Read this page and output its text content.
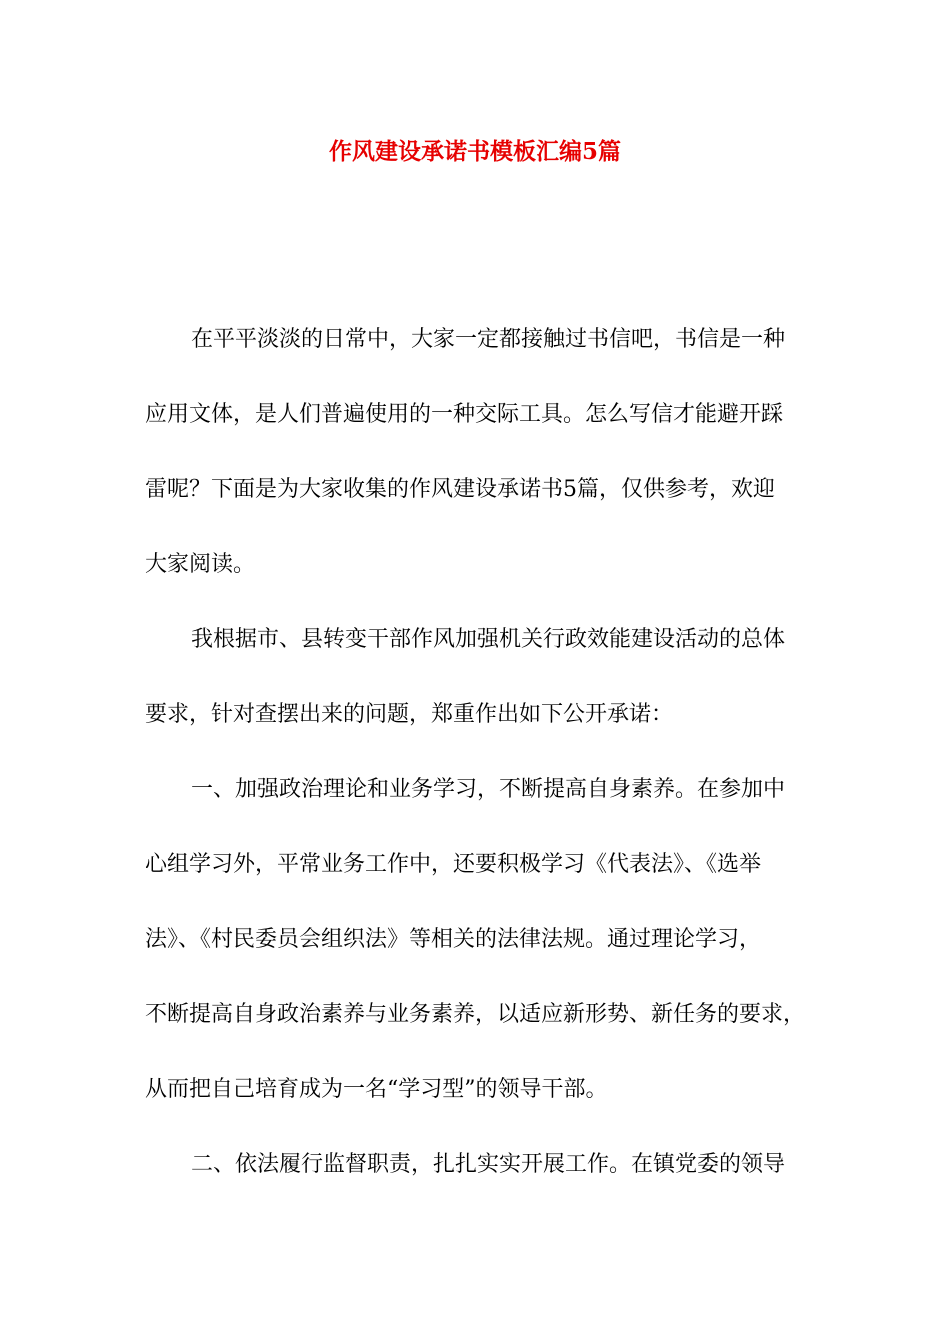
作风建设承诺书模板汇编5篇
在平平淡淡的日常中，大家一定都接触过书信吧，书信是一种
应用文体，是人们普遍使用的一种交际工具。怎么写信才能避开踩
雷呢？下面是为大家收集的作风建设承诺书5篇，仅供参考，欢迎
大家阅读。
我根据市、县转变干部作风加强机关行政效能建设活动的总体
要求，针对查摆出来的问题，郑重作出如下公开承诺：
一、加强政治理论和业务学习，不断提高自身素养。在参加中
心组学习外，平常业务工作中，还要积极学习《代表法》、《选举
法》、《村民委员会组织法》等相关的法律法规。通过理论学习，
不断提高自身政治素养与业务素养，以适应新形势、新任务的要求，
从而把自己培育成为一名“学习型”的领导干部。
二、依法履行监督职责，扎扎实实开展工作。在镇党委的领导
